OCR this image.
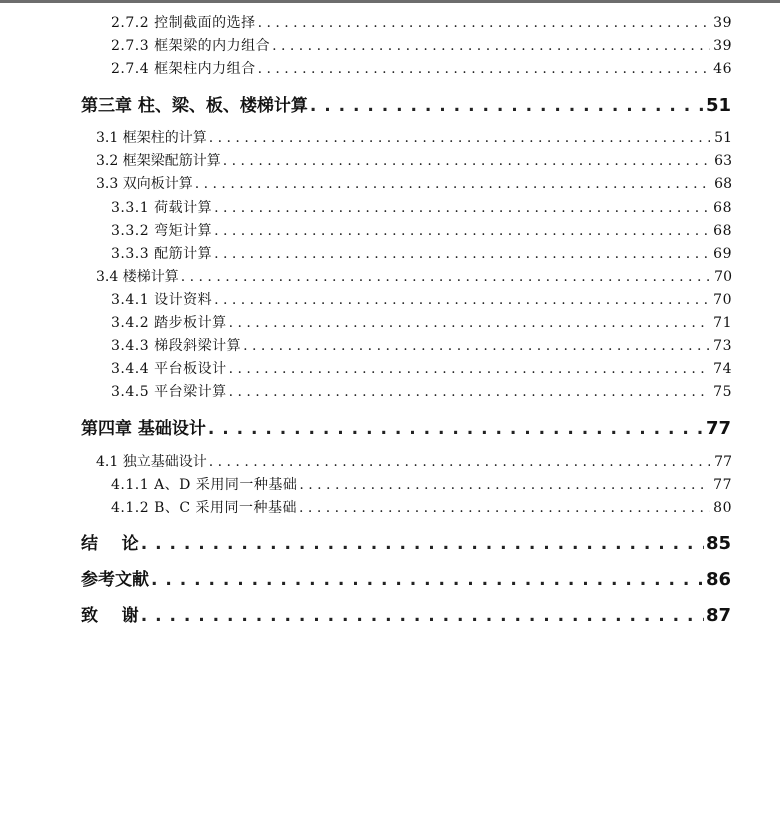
2.7.2 控制截面的选择 . . .	39
2.7.3 框架梁的内力组合 . . .	39
2.7.4 框架柱内力组合 . . .	46
第三章 柱、梁、板、楼梯计算 . . .	51
3.1 框架柱的计算 . . .	51
3.2 框架梁配筋计算 . . .	63
3.3 双向板计算 . . .	68
3.3.1 荷载计算 . . .	68
3.3.2 弯矩计算 . . .	68
3.3.3 配筋计算 . . .	69
3.4 楼梯计算 . . .	70
3.4.1 设计资料 . . .	70
3.4.2 踏步板计算 . . .	71
3.4.3 梯段斜梁计算 . . .	73
3.4.4 平台板设计 . . .	74
3.4.5 平台梁计算 . . .	75
第四章 基础设计 . . .	77
4.1 独立基础设计 . . .	77
4.1.1 A、D 采用同一种基础 . . .	77
4.1.2 B、C 采用同一种基础 . . .	80
结    论 . . .	85
参考文献 . . .	86
致    谢 . . .	87
